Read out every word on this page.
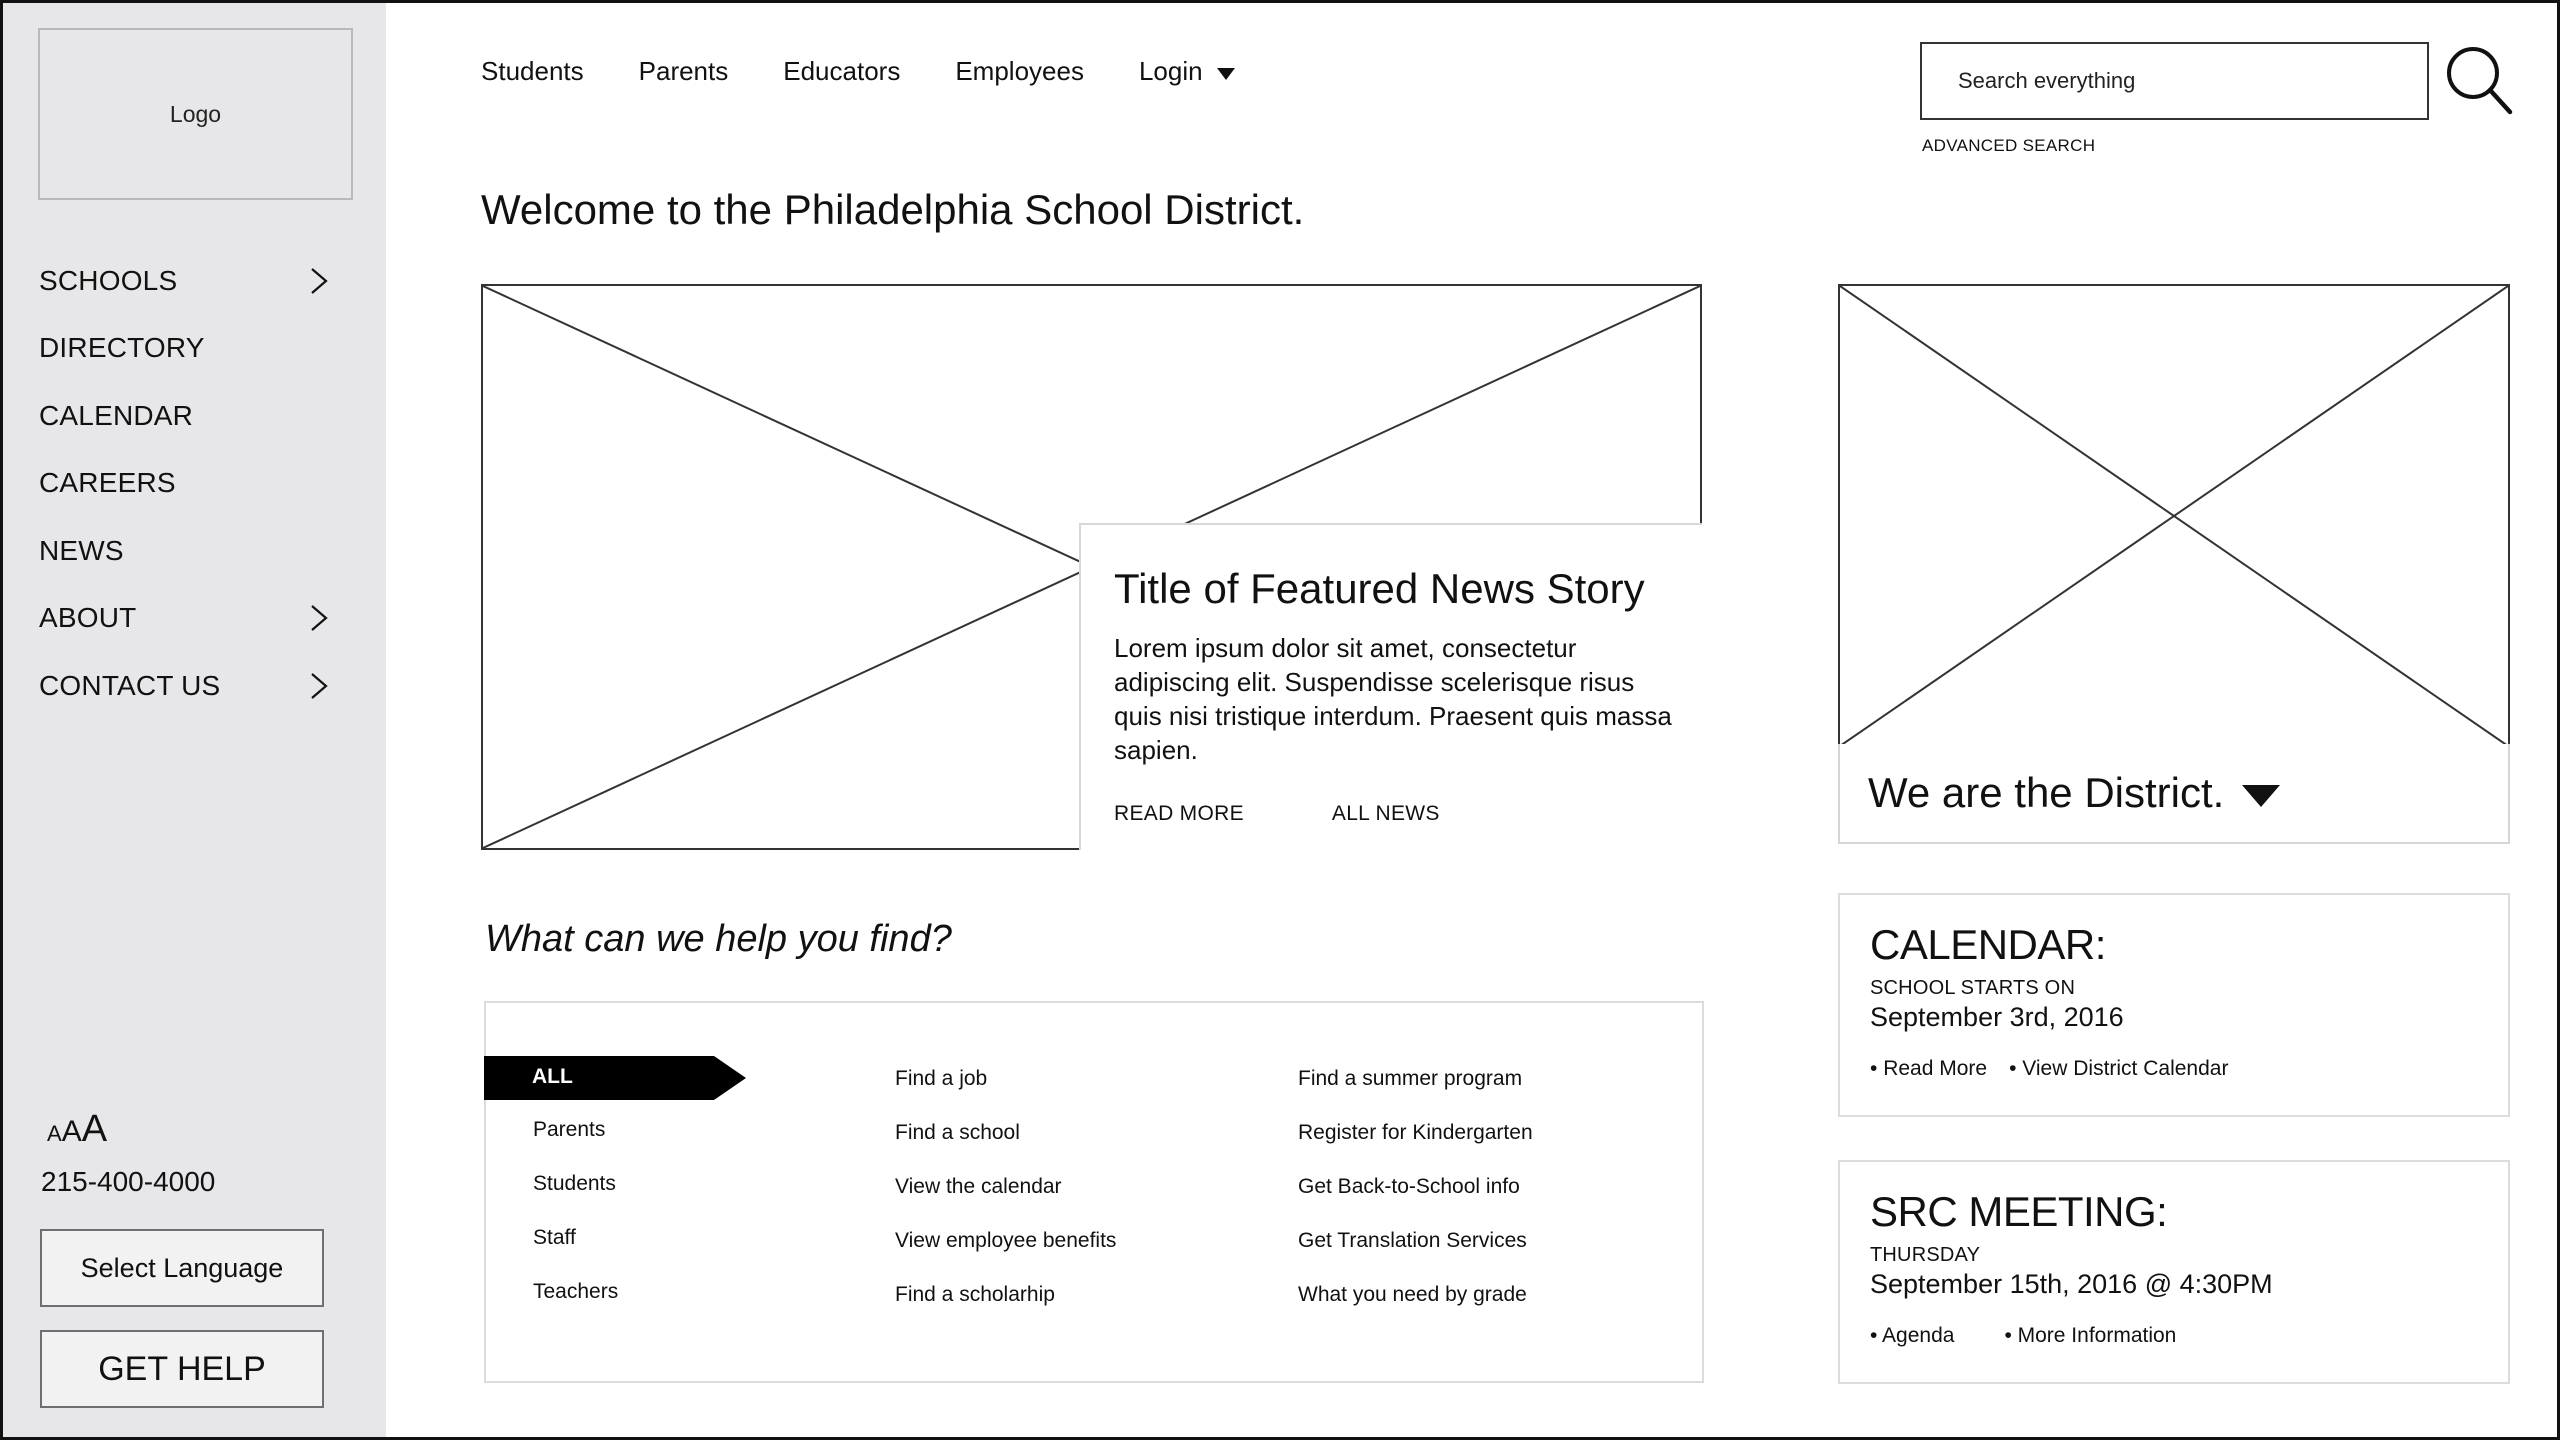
Logo
SCHOOLS
DIRECTORY
CALENDAR
CAREERS
NEWS
ABOUT
CONTACT US
AAA
215-400-4000
Select Language
GET HELP
Students Parents Educators Employees Login
Search everything
ADVANCED SEARCH
Welcome to the Philadelphia School District.
Title of Featured News Story

Lorem ipsum dolor sit amet, consectetur adipiscing elit. Suspendisse scelerisque risus quis nisi tristique interdum. Praesent quis massa sapien.

READ MORE	ALL NEWS	We are the District.
What can we help you find?
ALL
Parents
Students
Staff
Teachers
Find a job
Find a school
View the calendar
View employee benefits
Find a scholarhip
Find a summer program
Register for Kindergarten
Get Back-to-School info
Get Translation Services
What you need by grade
CALENDAR:
SCHOOL STARTS ON
September 3rd, 2016
• Read More • View District Calendar
SRC MEETING:
THURSDAY
September 15th, 2016 @ 4:30PM
• Agenda • More Information
